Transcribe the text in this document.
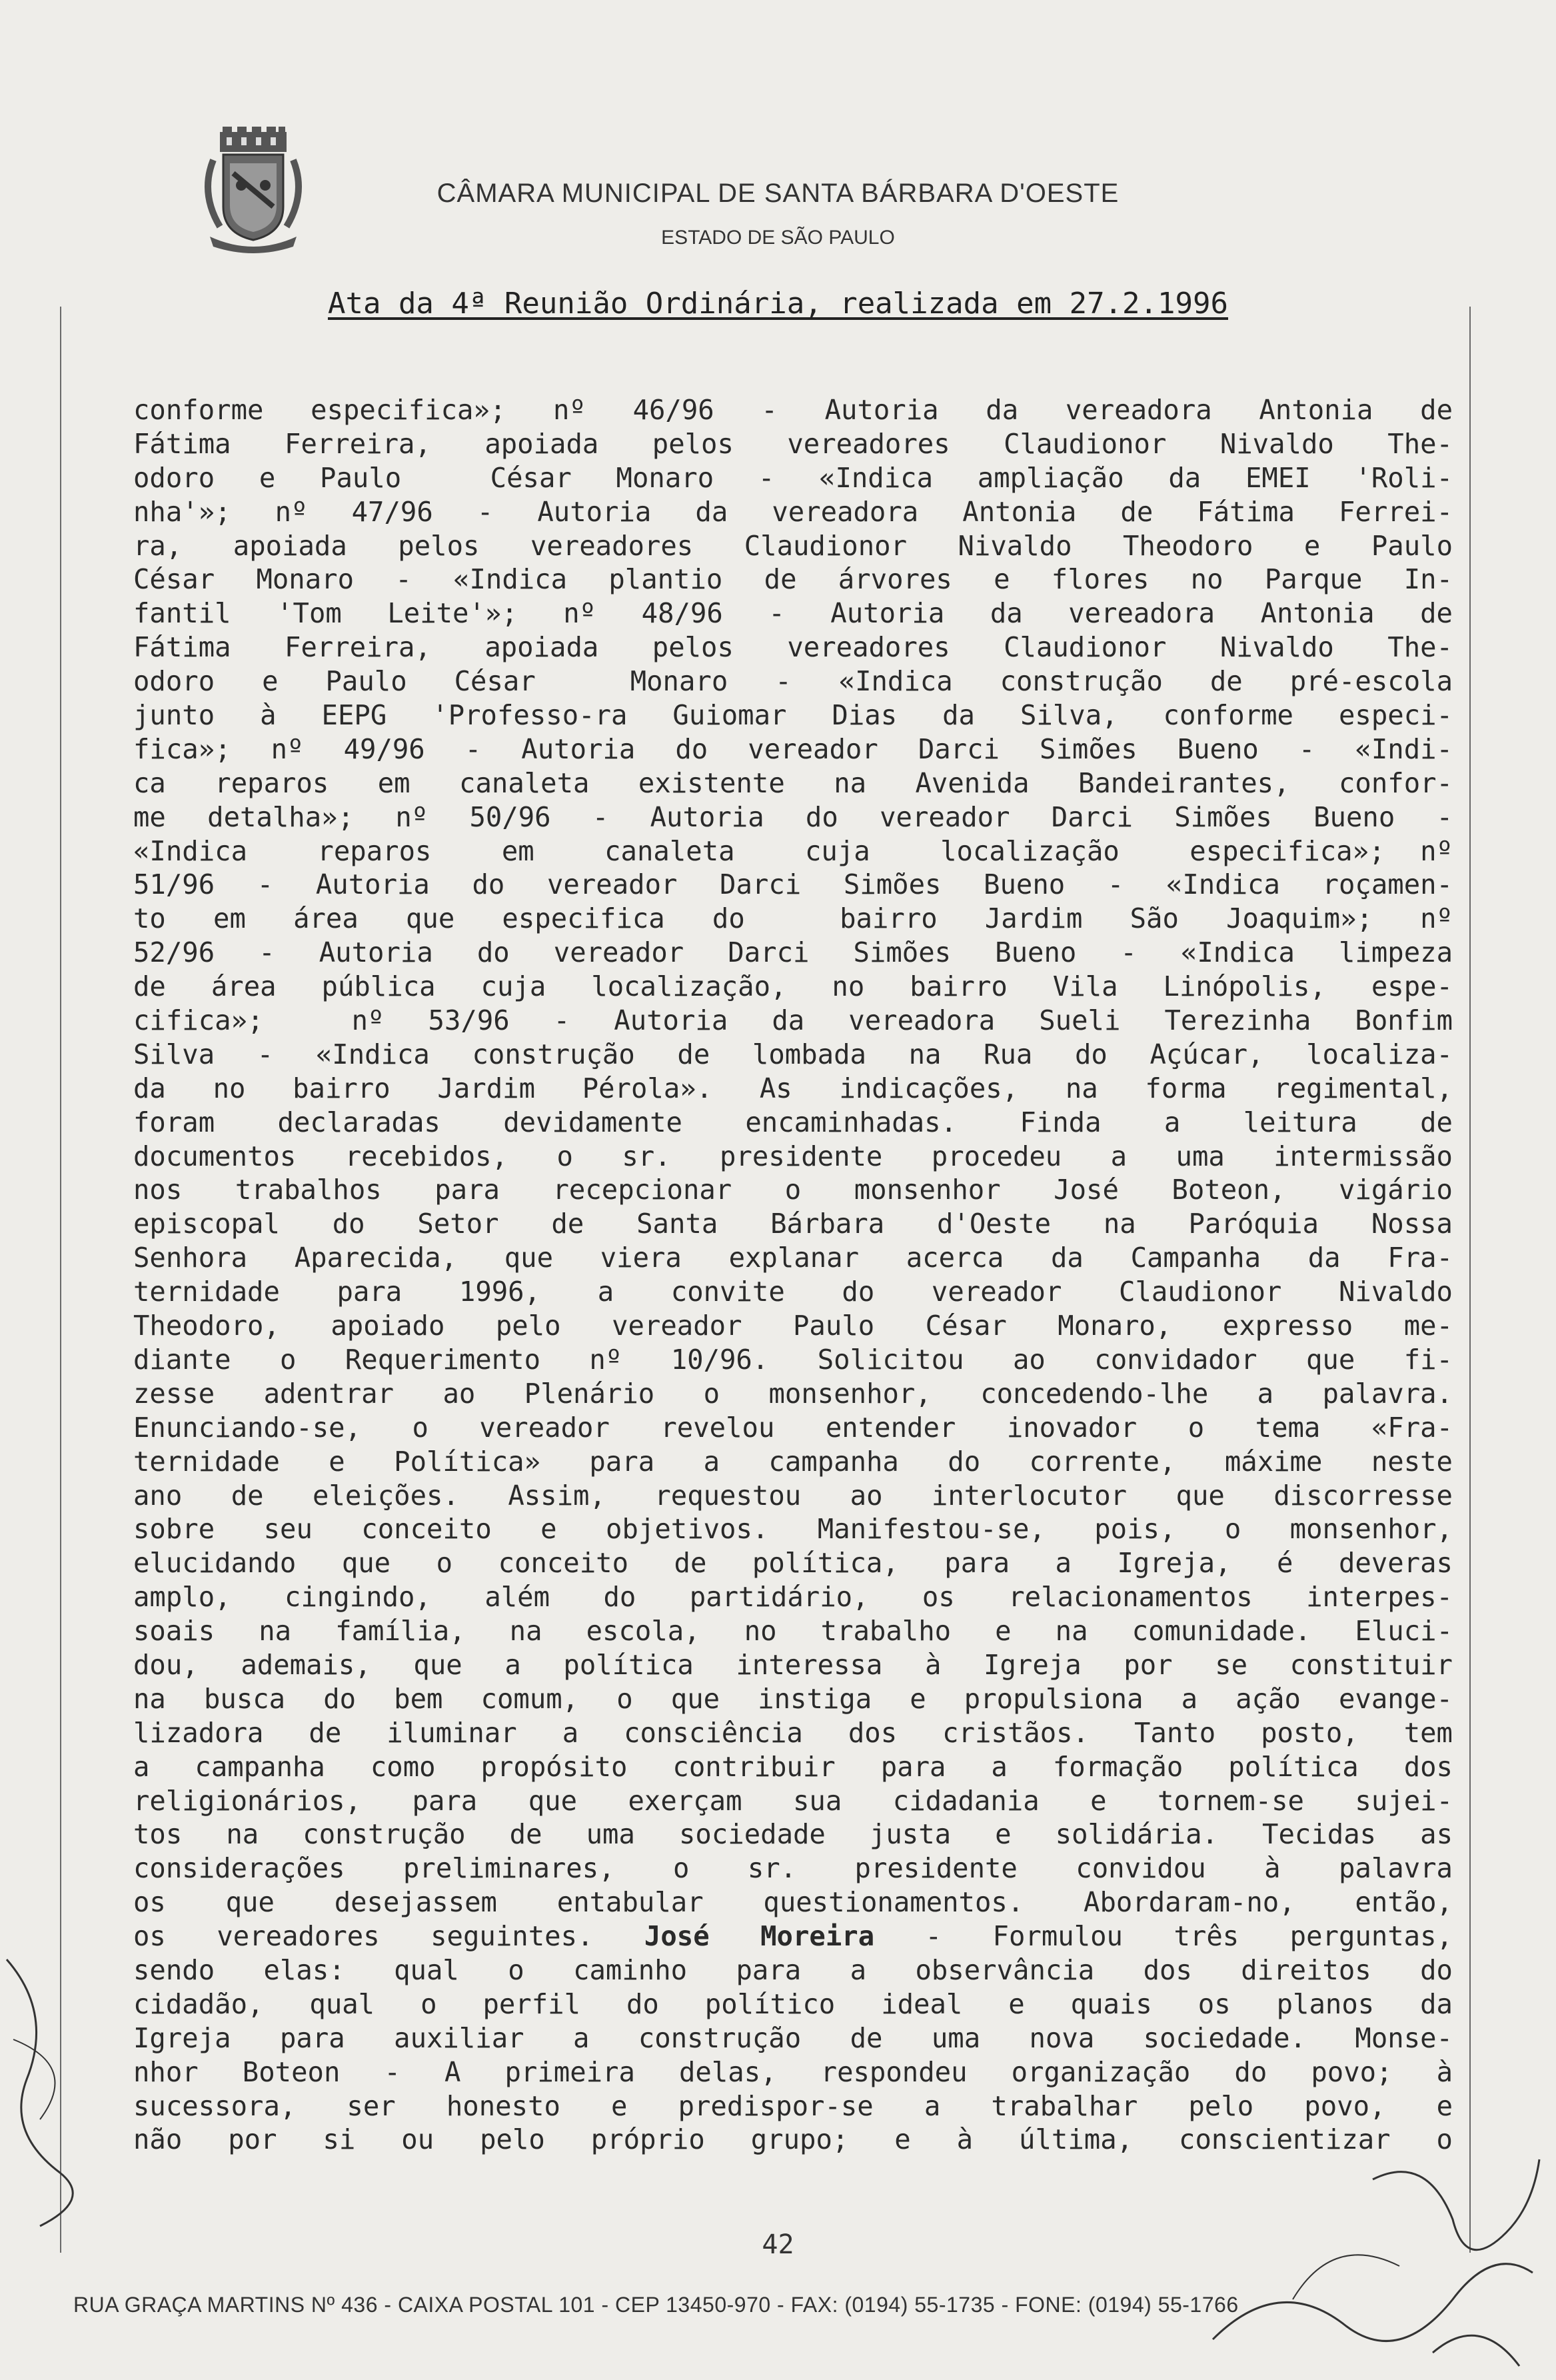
CÂMARA MUNICIPAL DE SANTA BÁRBARA D'OESTE
ESTADO DE SÃO PAULO
Ata da 4ª Reunião Ordinária, realizada em 27.2.1996
conforme especifica»; nº 46/96 - Autoria da vereadora Antonia de
Fátima Ferreira, apoiada pelos vereadores Claudionor Nivaldo The-
odoro e Paulo  César Monaro - «Indica ampliação da EMEI 'Roli-
nha'»; nº 47/96 - Autoria da vereadora Antonia de Fátima Ferrei-
ra, apoiada pelos vereadores Claudionor Nivaldo Theodoro e Paulo
César Monaro - «Indica plantio de árvores e flores no Parque In-
fantil 'Tom Leite'»; nº 48/96 - Autoria da vereadora Antonia de
Fátima Ferreira, apoiada pelos vereadores Claudionor Nivaldo The-
odoro e Paulo César  Monaro - «Indica construção de pré-escola
junto à EEPG 'Professo-ra Guiomar Dias da Silva, conforme especi-
fica»; nº 49/96 - Autoria do vereador Darci Simões Bueno - «Indi-
ca reparos em canaleta existente na Avenida Bandeirantes, confor-
me detalha»; nº 50/96 - Autoria do vereador Darci Simões Bueno -
«Indica  reparos  em  canaleta  cuja  localização  especifica»; nº
51/96 - Autoria do vereador Darci Simões Bueno - «Indica roçamen-
to em área que especifica do  bairro Jardim São Joaquim»; nº
52/96 - Autoria do vereador Darci Simões Bueno - «Indica limpeza
de área pública cuja localização, no bairro Vila Linópolis, espe-
cifica»;  nº 53/96 - Autoria da vereadora Sueli Terezinha Bonfim
Silva - «Indica construção de lombada na Rua do Açúcar, localiza-
da no bairro Jardim Pérola». As indicações, na forma regimental,
foram declaradas devidamente encaminhadas. Finda a leitura de
documentos recebidos, o sr. presidente procedeu a uma intermissão
nos trabalhos para recepcionar o monsenhor José Boteon, vigário
episcopal do Setor de Santa Bárbara d'Oeste na Paróquia Nossa
Senhora Aparecida, que viera explanar acerca da Campanha da Fra-
ternidade para 1996, a convite do vereador Claudionor Nivaldo
Theodoro, apoiado pelo vereador Paulo César Monaro, expresso me-
diante o Requerimento nº 10/96. Solicitou ao convidador que fi-
zesse adentrar ao Plenário o monsenhor, concedendo-lhe a palavra.
Enunciando-se, o vereador revelou entender inovador o tema «Fra-
ternidade e Política» para a campanha do corrente, máxime neste
ano de eleições. Assim, requestou ao interlocutor que discorresse
sobre seu conceito e objetivos. Manifestou-se, pois, o monsenhor,
elucidando que o conceito de política, para a Igreja, é deveras
amplo, cingindo, além do partidário, os relacionamentos interpes-
soais na família, na escola, no trabalho e na comunidade. Eluci-
dou, ademais, que a política interessa à Igreja por se constituir
na busca do bem comum, o que instiga e propulsiona a ação evange-
lizadora de iluminar a consciência dos cristãos. Tanto posto, tem
a campanha como propósito contribuir para a formação política dos
religionários, para que exerçam sua cidadania e tornem-se sujei-
tos na construção de uma sociedade justa e solidária. Tecidas as
considerações preliminares, o sr. presidente convidou à palavra
os que desejassem entabular questionamentos. Abordaram-no, então,
os vereadores seguintes. José Moreira - Formulou três perguntas,
sendo elas: qual o caminho para a observância dos direitos do
cidadão, qual o perfil do político ideal e quais os planos da
Igreja para auxiliar a construção de uma nova sociedade. Monse-
nhor Boteon - A primeira delas, respondeu organização do povo; à
sucessora, ser honesto e predispor-se a trabalhar pelo povo, e
não por si ou pelo próprio grupo; e à última, conscientizar o
42
RUA GRAÇA MARTINS Nº 436 - CAIXA POSTAL 101 - CEP 13450-970 - FAX: (0194) 55-1735 - FONE: (0194) 55-1766
